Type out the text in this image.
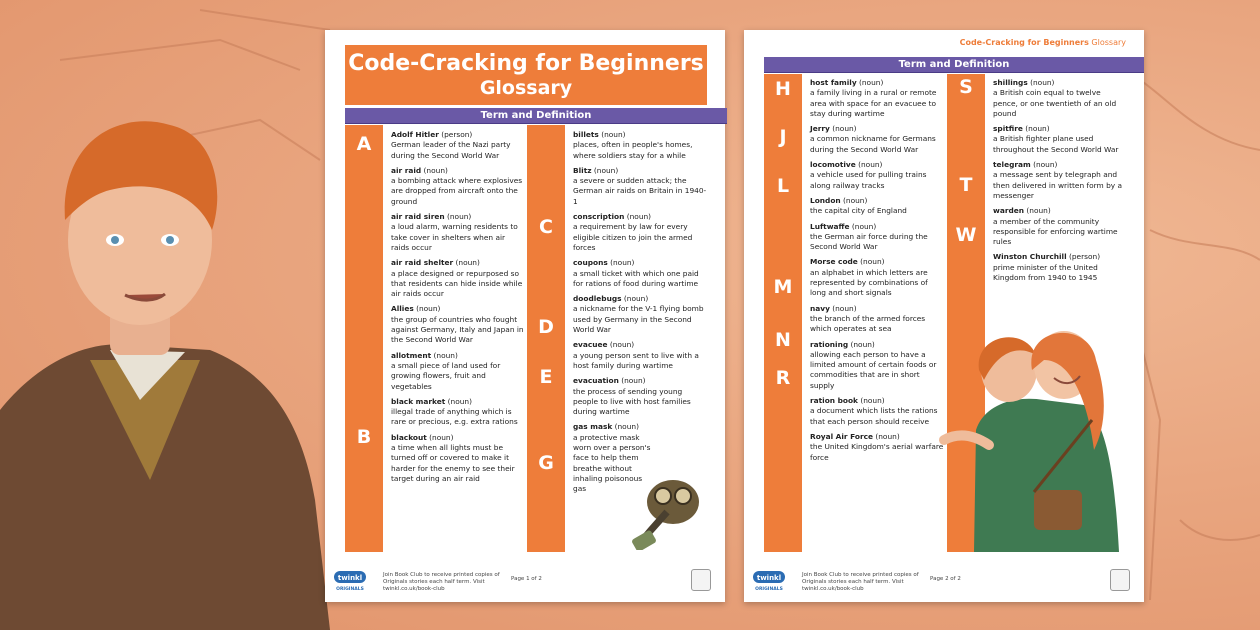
Code-Cracking for Beginners
Glossary
Term and Definition
A
B
C
D
E
G
Adolf Hitler (person)
German leader of the Nazi party during the Second World War
air raid (noun)
a bombing attack where explosives are dropped from aircraft onto the ground
air raid siren (noun)
a loud alarm, warning residents to take cover in shelters when air raids occur
air raid shelter (noun)
a place designed or repurposed so that residents can hide inside while air raids occur
Allies (noun)
the group of countries who fought against Germany, Italy and Japan in the Second World War
allotment (noun)
a small piece of land used for growing flowers, fruit and vegetables
black market (noun)
illegal trade of anything which is rare or precious, e.g. extra rations
blackout (noun)
a time when all lights must be turned off or covered to make it harder for the enemy to see their target during an air raid
billets (noun)
places, often in people's homes, where soldiers stay for a while
Blitz (noun)
a severe or sudden attack; the German air raids on Britain in 1940-1
conscription (noun)
a requirement by law for every eligible citizen to join the armed forces
coupons (noun)
a small ticket with which one paid for rations of food during wartime
doodlebugs (noun)
a nickname for the V-1 flying bomb used by Germany in the Second World War
evacuee (noun)
a young person sent to live with a host family during wartime
evacuation (noun)
the process of sending young people to live with host families during wartime
gas mask (noun)
a protective mask worn over a person's face to help them breathe without inhaling poisonous gas
twinkl
ORIGINALS
Join Book Club to receive printed copies of Originals stories each half term. Visit twinkl.co.uk/book-club
Page 1 of 2
Code-Cracking for Beginners Glossary
Term and Definition
H
J
L
M
N
R
S
T
W
host family (noun)
a family living in a rural or remote area with space for an evacuee to stay during wartime
Jerry (noun)
a common nickname for Germans during the Second World War
locomotive (noun)
a vehicle used for pulling trains along railway tracks
London (noun)
the capital city of England
Luftwaffe (noun)
the German air force during the Second World War
Morse code (noun)
an alphabet in which letters are represented by combinations of long and short signals
navy (noun)
the branch of the armed forces which operates at sea
rationing (noun)
allowing each person to have a limited amount of certain foods or commodities that are in short supply
ration book (noun)
a document which lists the rations that each person should receive
Royal Air Force (noun)
the United Kingdom's aerial warfare force
shillings (noun)
a British coin equal to twelve pence, or one twentieth of an old pound
spitfire (noun)
a British fighter plane used throughout the Second World War
telegram (noun)
a message sent by telegraph and then delivered in written form by a messenger
warden (noun)
a member of the community responsible for enforcing wartime rules
Winston Churchill (person)
prime minister of the United Kingdom from 1940 to 1945
twinkl
ORIGINALS
Join Book Club to receive printed copies of Originals stories each half term. Visit twinkl.co.uk/book-club
Page 2 of 2
